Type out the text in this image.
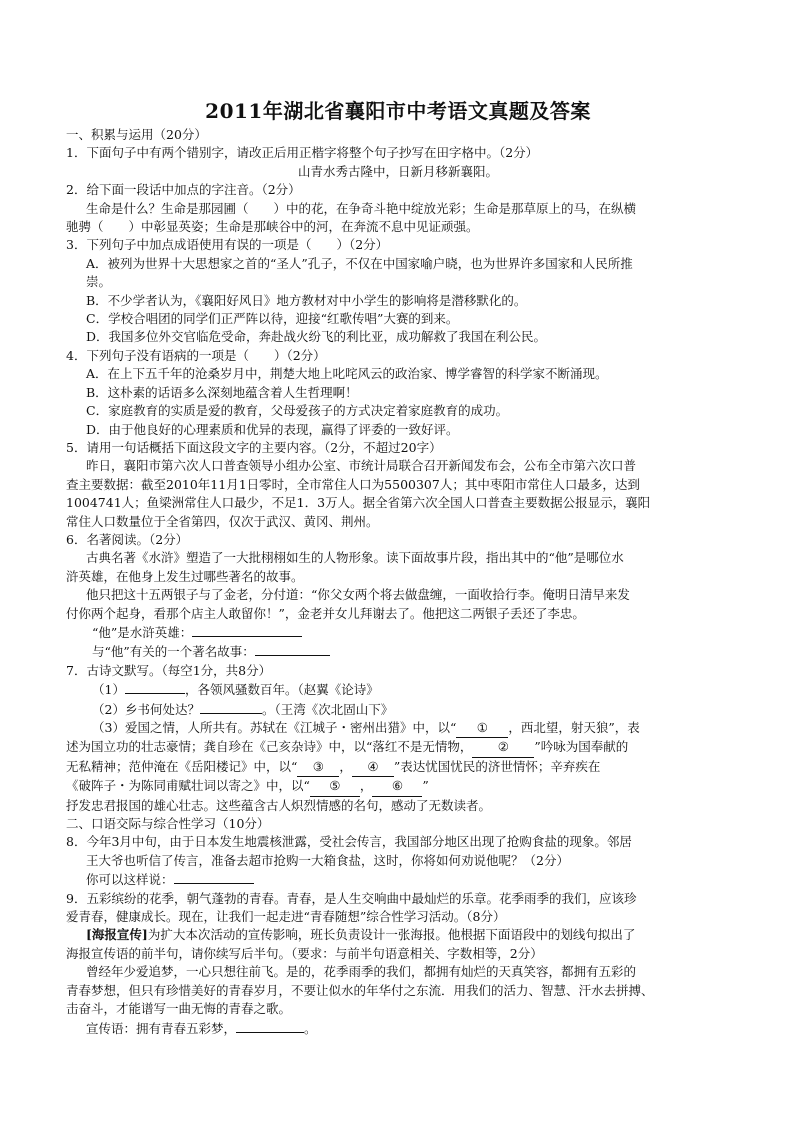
2011年湖北省襄阳市中考语文真题及答案
一、积累与运用（20分）
1．下面句子中有两个错别字，请改正后用正楷字将整个句子抄写在田字格中。（2分）
山青水秀古隆中，日新月移新襄阳。
2．给下面一段话中加点的字注音。（2分）
生命是什么？生命是那园圃（　　）中的花，在争奇斗艳中绽放光彩；生命是那草原上的马，在纵横
驰骋（　　）中彰显英姿；生命是那峡谷中的河，在奔流不息中见证顽强。
3．下列句子中加点成语使用有误的一项是（　　）（2分）
A．被列为世界十大思想家之首的“圣人”孔子，不仅在中国家喻户晓，也为世界许多国家和人民所推
崇。
B．不少学者认为，《襄阳好风日》地方教材对中小学生的影响将是潜移默化的。
C．学校合唱团的同学们正严阵以待，迎接“红歌传唱”大赛的到来。
D．我国多位外交官临危受命，奔赴战火纷飞的利比亚，成功解救了我国在利公民。
4．下列句子没有语病的一项是（　　）（2分）
A．在上下五千年的沧桑岁月中，荆楚大地上叱咤风云的政治家、博学睿智的科学家不断涌现。
B．这朴素的话语多么深刻地蕴含着人生哲理啊！
C．家庭教育的实质是爱的教育，父母爱孩子的方式决定着家庭教育的成功。
D．由于他良好的心理素质和优异的表现，赢得了评委的一致好评。
5．请用一句话概括下面这段文字的主要内容。（2分，不超过20字）
昨日，襄阳市第六次人口普查领导小组办公室、市统计局联合召开新闻发布会，公布全市第六次口普
查主要数据：截至2010年11月1日零时，全市常住人口为5500307人；其中枣阳市常住人口最多，达到
1004741人；鱼梁洲常住人口最少，不足1．3万人。据全省第六次全国人口普查主要数据公报显示，襄阳
常住人口数量位于全省第四，仅次于武汉、黄冈、荆州。
6．名著阅读。（2分）
古典名著《水浒》塑造了一大批栩栩如生的人物形象。读下面故事片段，指出其中的“他”是哪位水
浒英雄，在他身上发生过哪些著名的故事。
他只把这十五两银子与了金老，分付道：“你父女两个将去做盘缠，一面收拾行李。俺明日清早来发
付你两个起身，看那个店主人敢留你！”，金老并女儿拜谢去了。他把这二两银子丢还了李忠。
“他”是水浒英雄：
与“他”有关的一个著名故事：
7．古诗文默写。（每空1分，共8分）
（1）	，各领风骚数百年。（赵翼《论诗》
（2）乡书何处达？	。（王湾《次北固山下》
（3）爱国之情，人所共有。苏轼在《江城子・密州出猎》中，以“ ① ，西北望，射天狼”，表
述为国立功的壮志豪情；龚自珍在《己亥杂诗》中，以“落红不是无情物， ② ”吟咏为国奉献的
无私精神；范仲淹在《岳阳楼记》中，以“ ③ ， ④ ”表达忧国忧民的济世情怀；辛弃疾在
《破阵子・为陈同甫赋壮词以寄之》中，以“ ⑤ ， ⑥ ”
抒发忠君报国的雄心壮志。这些蕴含古人炽烈情感的名句，感动了无数读者。
二、口语交际与综合性学习（10分）
8．今年3月中旬，由于日本发生地震核泄露，受社会传言，我国部分地区出现了抢购食盐的现象。邻居
王大爷也听信了传言，准备去超市抢购一大箱食盐，这时，你将如何劝说他呢？（2分）
你可以这样说：
9．五彩缤纷的花季，朝气蓬勃的青春。青春，是人生交响曲中最灿烂的乐章。花季雨季的我们，应该珍
爱青春，健康成长。现在，让我们一起走进“青春随想”综合性学习活动。（8分）
[海报宣传]为扩大本次活动的宣传影响，班长负责设计一张海报。他根据下面语段中的划线句拟出了
海报宣传语的前半句，请你续写后半句。（要求：与前半句语意相关、字数相等，2分）
曾经年少爱追梦，一心只想往前飞。是的，花季雨季的我们，都拥有灿烂的天真笑容，都拥有五彩的
青春梦想，但只有珍惜美好的青春岁月，不要让似水的年华付之东流．用我们的活力、智慧、汗水去拼搏、
击奋斗，才能谱写一曲无悔的青春之歌。
宣传语：拥有青春五彩梦，	。
